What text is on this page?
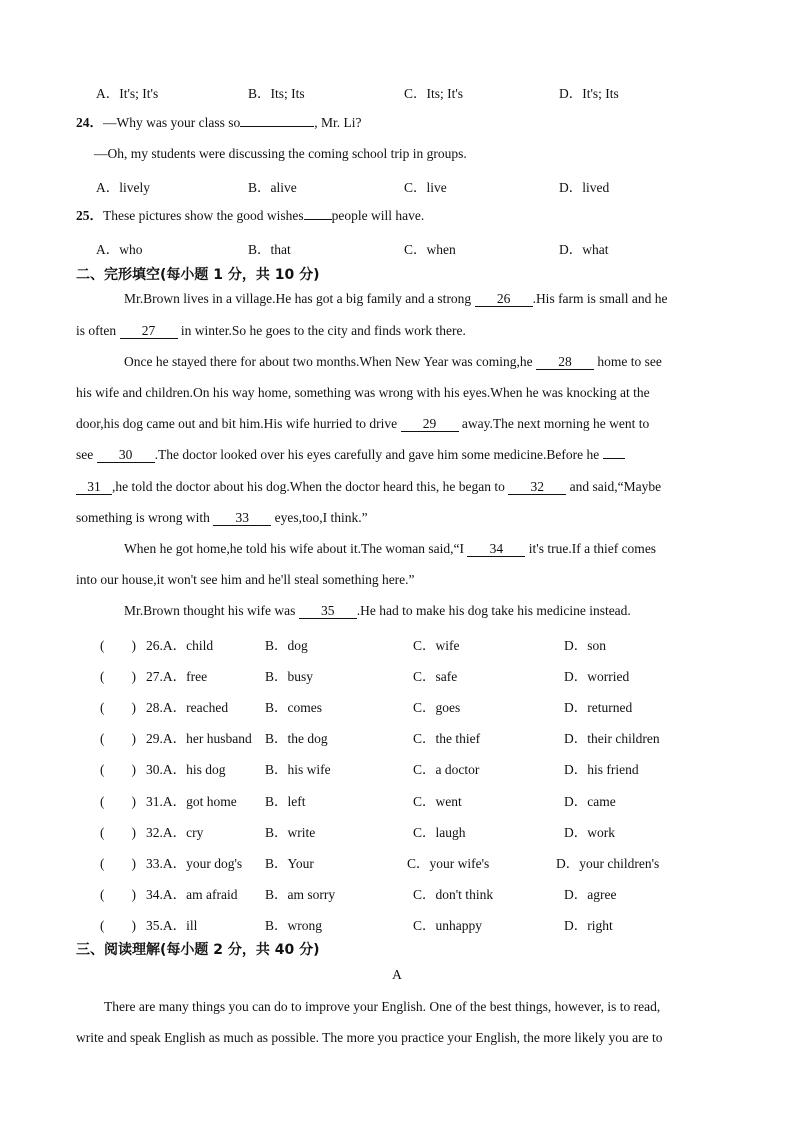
A．It's; It's	B．Its; Its	C．Its; It's	D．It's; Its
24．—Why was your class so	, Mr. Li?
—Oh, my students were discussing the coming school trip in groups.
A．lively	B．alive	C．live	D．lived
25．These pictures show the good wishes people will have.
A．who	B．that	C．when	D．what
二、完形填空(每小题 1 分，共 10 分)
Mr.Brown lives in a village.He has got a big family and a strong 26 .His farm is small and he
is often 27 in winter.So he goes to the city and finds work there.
Once he stayed there for about two months.When New Year was coming,he 28 home to see
his wife and children.On his way home, something was wrong with his eyes.When he was knocking at the
door,his dog came out and bit him.His wife hurried to drive 29 away.The next morning he went to
see 30 .The doctor looked over his eyes carefully and gave him some medicine.Before he
31 ,he told the doctor about his dog.When the doctor heard this, he began to 32 and said,“Maybe
something is wrong with 33 eyes,too,I think.”
When he got home,he told his wife about it.The woman said,“I 34 it's true.If a thief comes
into our house,it won't see him and he'll steal something here.”
Mr.Brown thought his wife was 35 .He had to make his dog take his medicine instead.
(　　) 26.A．child	B．dog	C．wife	D．son
(　　) 27.A．free	B．busy	C．safe	D．worried
(　　) 28.A．reached	B．comes	C．goes	D．returned
(　　) 29.A．her husband B．the dog	C．the thief	D．their children
(　　) 30.A．his dog	B．his wife	C．a doctor	D．his friend
(　　) 31.A．got home B．left	C．went	D．came
(　　) 32.A．cry	B．write	C．laugh	D．work
(　　) 33.A．your dog's B．Your	C．your wife's	D．your children's
(　　) 34.A．am afraid B．am sorry	C．don't think	D．agree
(　　) 35.A．ill	B．wrong	C．unhappy	D．right
三、阅读理解(每小题 2 分，共 40 分)
A
There are many things you can do to improve your English. One of the best things, however, is to read,
write and speak English as much as possible. The more you practice your English, the more likely you are to
